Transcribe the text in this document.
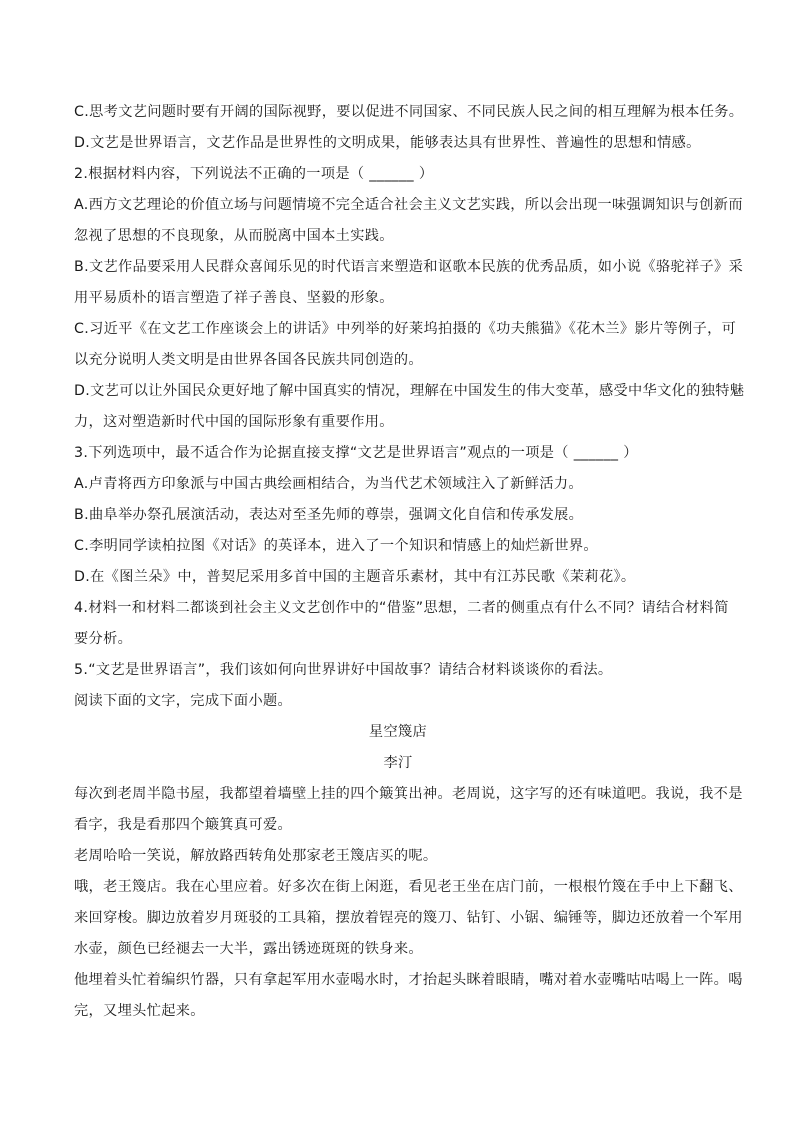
C.思考文艺问题时要有开阔的国际视野，要以促进不同国家、不同民族人民之间的相互理解为根本任务。
D.文艺是世界语言，文艺作品是世界性的文明成果，能够表达具有世界性、普遍性的思想和情感。
2.根据材料内容，下列说法不正确的一项是（ ______ ）
A.西方文艺理论的价值立场与问题情境不完全适合社会主义文艺实践，所以会出现一味强调知识与创新而
忽视了思想的不良现象，从而脱离中国本土实践。
B.文艺作品要采用人民群众喜闻乐见的时代语言来塑造和讴歌本民族的优秀品质，如小说《骆驼祥子》采
用平易质朴的语言塑造了祥子善良、坚毅的形象。
C.习近平《在文艺工作座谈会上的讲话》中列举的好莱坞拍摄的《功夫熊猫》《花木兰》影片等例子，可
以充分说明人类文明是由世界各国各民族共同创造的。
D.文艺可以让外国民众更好地了解中国真实的情况，理解在中国发生的伟大变革，感受中华文化的独特魅
力，这对塑造新时代中国的国际形象有重要作用。
3.下列选项中，最不适合作为论据直接支撑“文艺是世界语言”观点的一项是（ ______ ）
A.卢青将西方印象派与中国古典绘画相结合，为当代艺术领域注入了新鲜活力。
B.曲阜举办祭孔展演活动，表达对至圣先师的尊崇，强调文化自信和传承发展。
C.李明同学读柏拉图《对话》的英译本，进入了一个知识和情感上的灿烂新世界。
D.在《图兰朵》中，普契尼采用多首中国的主题音乐素材，其中有江苏民歌《茉莉花》。
4.材料一和材料二都谈到社会主义文艺创作中的“借鉴”思想，二者的侧重点有什么不同？请结合材料简
要分析。
5.“文艺是世界语言”，我们该如何向世界讲好中国故事？请结合材料谈谈你的看法。
阅读下面的文字，完成下面小题。
星空篾店
李汀
每次到老周半隐书屋，我都望着墙壁上挂的四个簸箕出神。老周说，这字写的还有味道吧。我说，我不是
看字，我是看那四个簸箕真可爱。
老周哈哈一笑说，解放路西转角处那家老王篾店买的呢。
哦，老王篾店。我在心里应着。好多次在街上闲逛，看见老王坐在店门前，一根根竹篾在手中上下翻飞、
来回穿梭。脚边放着岁月斑驳的工具箱，摆放着锃亮的篾刀、钻钉、小锯、编锤等，脚边还放着一个军用
水壶，颜色已经褪去一大半，露出锈迹斑斑的铁身来。
他埋着头忙着编织竹器，只有拿起军用水壶喝水时，才抬起头眯着眼睛，嘴对着水壶嘴咕咕喝上一阵。喝
完，又埋头忙起来。
